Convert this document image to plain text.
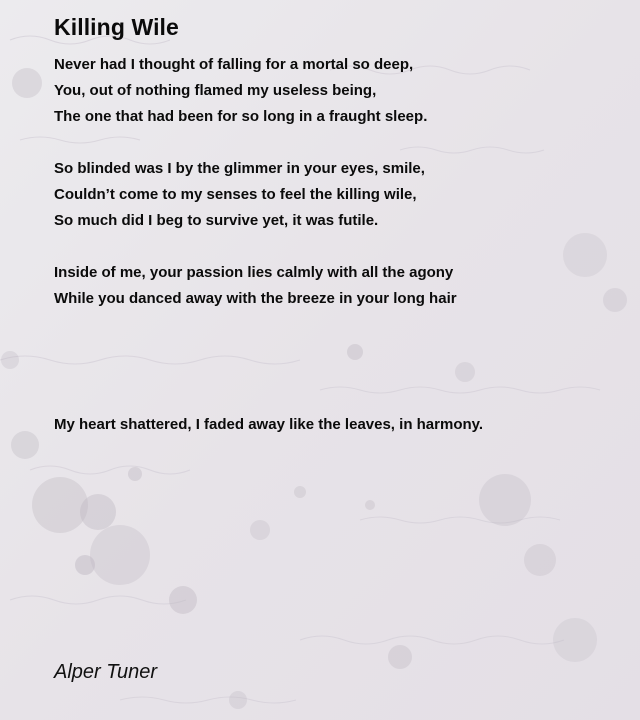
Killing Wile
Never had I thought of falling for a mortal so deep,
You, out of nothing flamed my useless being,
The one that had been for so long in a fraught sleep.
So blinded was I by the glimmer in your eyes, smile,
Couldn’t come to my senses to feel the killing wile,
So much did I beg to survive yet, it was futile.
Inside of me, your passion lies calmly with all the agony
While you danced away with the breeze in your long hair
My heart shattered, I faded away like the leaves, in harmony.
Alper Tuner
